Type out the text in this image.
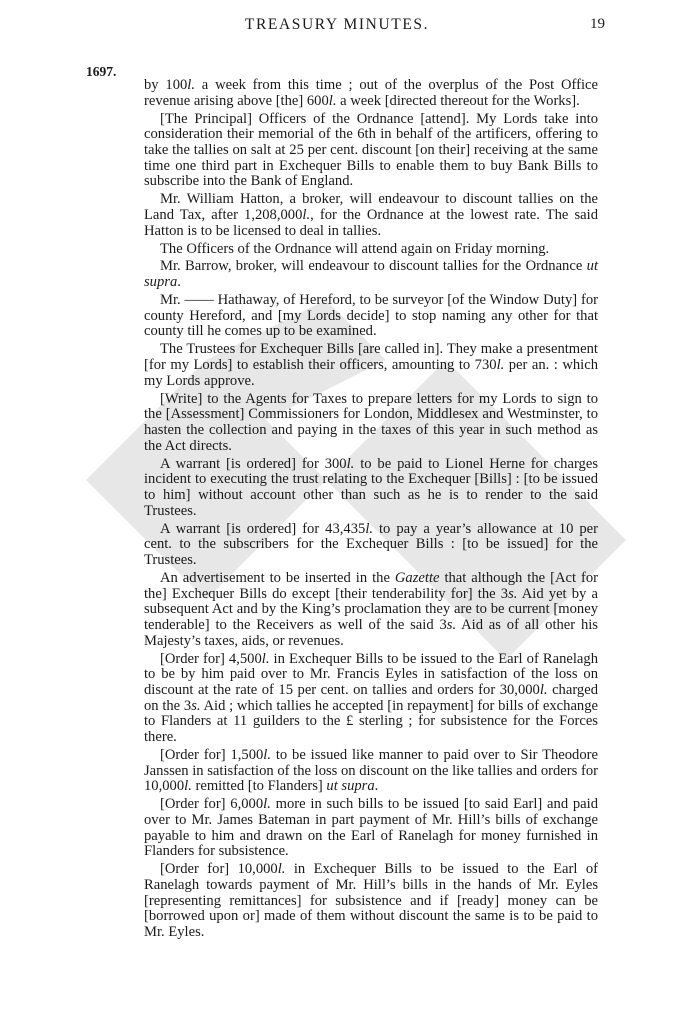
TREASURY MINUTES.	19
1697.

by 100l. a week from this time ; out of the overplus of the Post Office revenue arising above [the] 600l. a week [directed thereout for the Works].

[The Principal] Officers of the Ordnance [attend]. My Lords take into consideration their memorial of the 6th in behalf of the artificers, offering to take the tallies on salt at 25 per cent. discount [on their] receiving at the same time one third part in Exchequer Bills to enable them to buy Bank Bills to subscribe into the Bank of England.

Mr. William Hatton, a broker, will endeavour to discount tallies on the Land Tax, after 1,208,000l., for the Ordnance at the lowest rate. The said Hatton is to be licensed to deal in tallies.

The Officers of the Ordnance will attend again on Friday morning.

Mr. Barrow, broker, will endeavour to discount tallies for the Ordnance ut supra.

Mr. —— Hathaway, of Hereford, to be surveyor [of the Window Duty] for county Hereford, and [my Lords decide] to stop naming any other for that county till he comes up to be examined.

The Trustees for Exchequer Bills [are called in]. They make a presentment [for my Lords] to establish their officers, amounting to 730l. per an. : which my Lords approve.

[Write] to the Agents for Taxes to prepare letters for my Lords to sign to the [Assessment] Commissioners for London, Middlesex and Westminster, to hasten the collection and paying in the taxes of this year in such method as the Act directs.

A warrant [is ordered] for 300l. to be paid to Lionel Herne for charges incident to executing the trust relating to the Exchequer [Bills] : [to be issued to him] without account other than such as he is to render to the said Trustees.

A warrant [is ordered] for 43,435l. to pay a year’s allowance at 10 per cent. to the subscribers for the Exchequer Bills : [to be issued] for the Trustees.

An advertisement to be inserted in the Gazette that although the [Act for the] Exchequer Bills do except [their tenderability for] the 3s. Aid yet by a subsequent Act and by the King’s proclamation they are to be current [money tenderable] to the Receivers as well of the said 3s. Aid as of all other his Majesty’s taxes, aids, or revenues.

[Order for] 4,500l. in Exchequer Bills to be issued to the Earl of Ranelagh to be by him paid over to Mr. Francis Eyles in satisfaction of the loss on discount at the rate of 15 per cent. on tallies and orders for 30,000l. charged on the 3s. Aid ; which tallies he accepted [in repayment] for bills of exchange to Flanders at 11 guilders to the £ sterling ; for subsistence for the Forces there.

[Order for] 1,500l. to be issued like manner to paid over to Sir Theodore Janssen in satisfaction of the loss on discount on the like tallies and orders for 10,000l. remitted [to Flanders] ut supra.

[Order for] 6,000l. more in such bills to be issued [to said Earl] and paid over to Mr. James Bateman in part payment of Mr. Hill’s bills of exchange payable to him and drawn on the Earl of Ranelagh for money furnished in Flanders for subsistence.

[Order for] 10,000l. in Exchequer Bills to be issued to the Earl of Ranelagh towards payment of Mr. Hill’s bills in the hands of Mr. Eyles [representing remittances] for subsistence and if [ready] money can be [borrowed upon or] made of them without discount the same is to be paid to Mr. Eyles.
